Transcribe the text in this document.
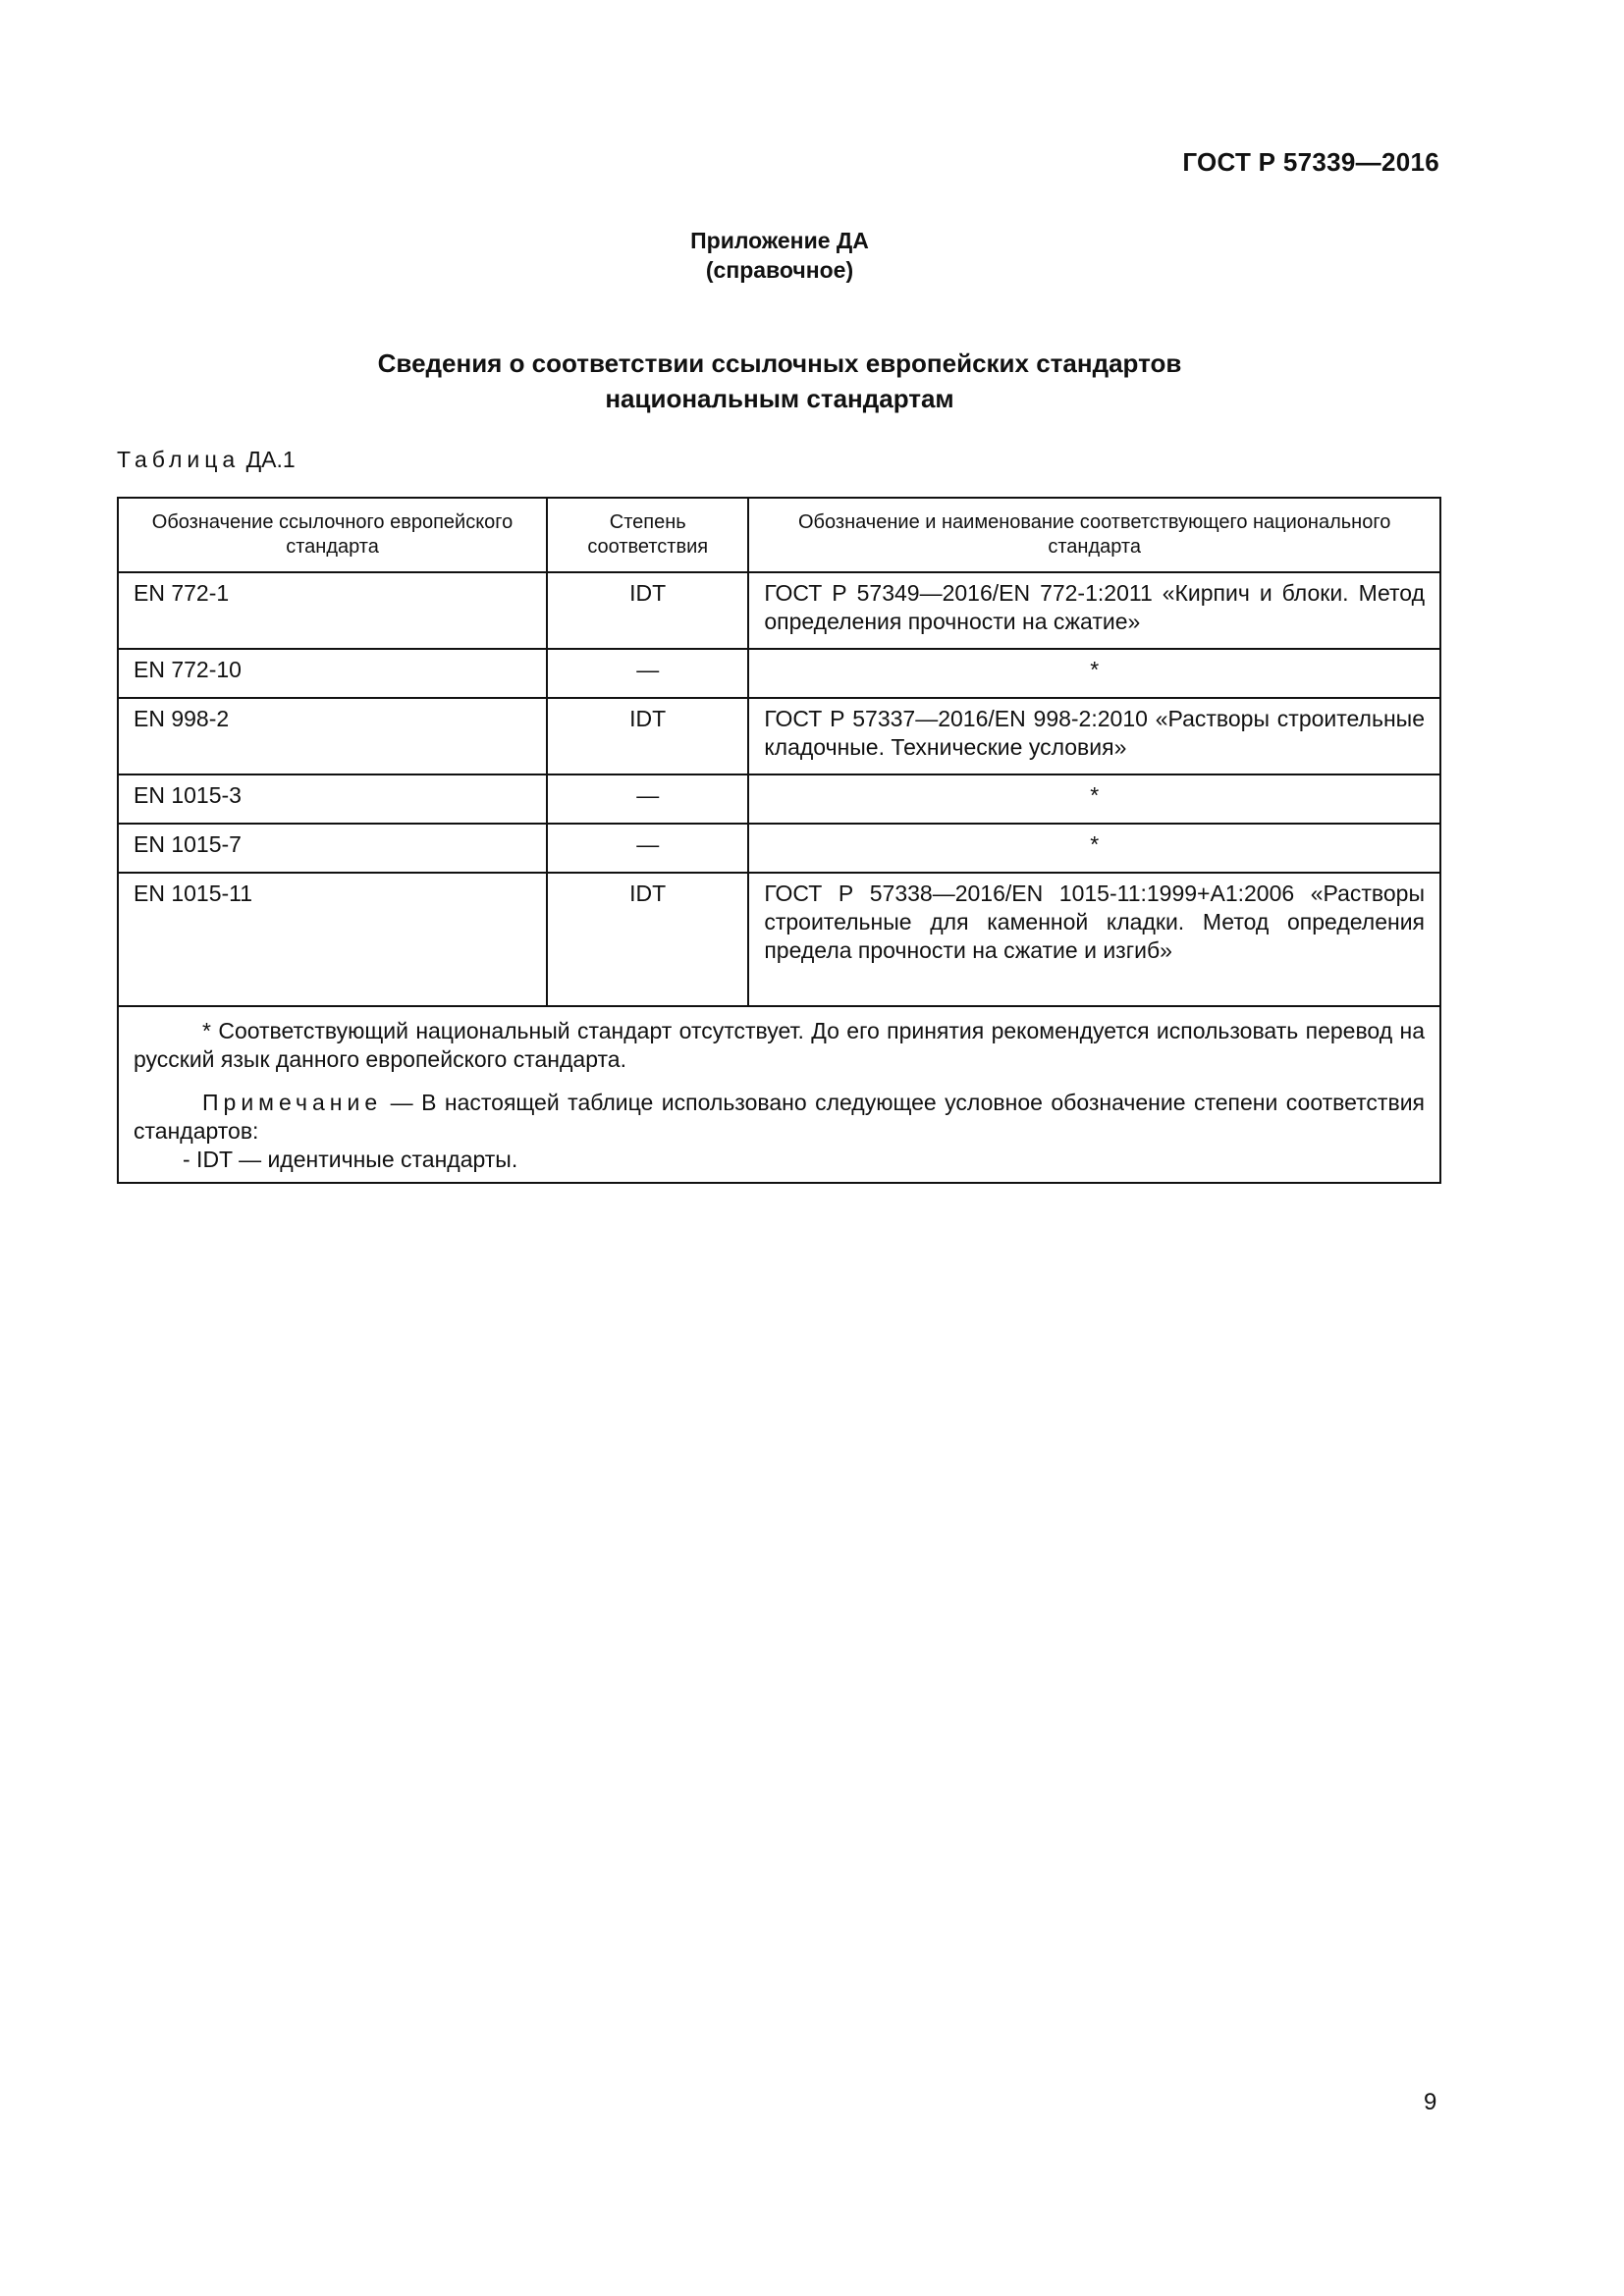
ГОСТ Р 57339—2016
Приложение ДА
(справочное)
Сведения о соответствии ссылочных европейских стандартов
национальным стандартам
Таблица ДА.1
Обозначение ссылочного европейского стандарта	Степень соответствия	Обозначение и наименование соответствующего национального стандарта
EN 772-1	IDT	ГОСТ Р 57349—2016/EN 772-1:2011 «Кирпич и блоки. Метод определения прочности на сжатие»
EN 772-10	—	*
EN 998-2	IDT	ГОСТ Р 57337—2016/EN 998-2:2010 «Растворы строительные кладочные. Технические условия»
EN 1015-3	—	*
EN 1015-7	—	*
EN 1015-11	IDT	ГОСТ Р 57338—2016/EN 1015-11:1999+A1:2006 «Растворы строительные для каменной кладки. Метод определения предела прочности на сжатие и изгиб»

* Соответствующий национальный стандарт отсутствует. До его принятия рекомендуется использовать перевод на русский язык данного европейского стандарта.

Примечание — В настоящей таблице использовано следующее условное обозначение степени соответствия стандартов:

- IDT — идентичные стандарты.		

9
